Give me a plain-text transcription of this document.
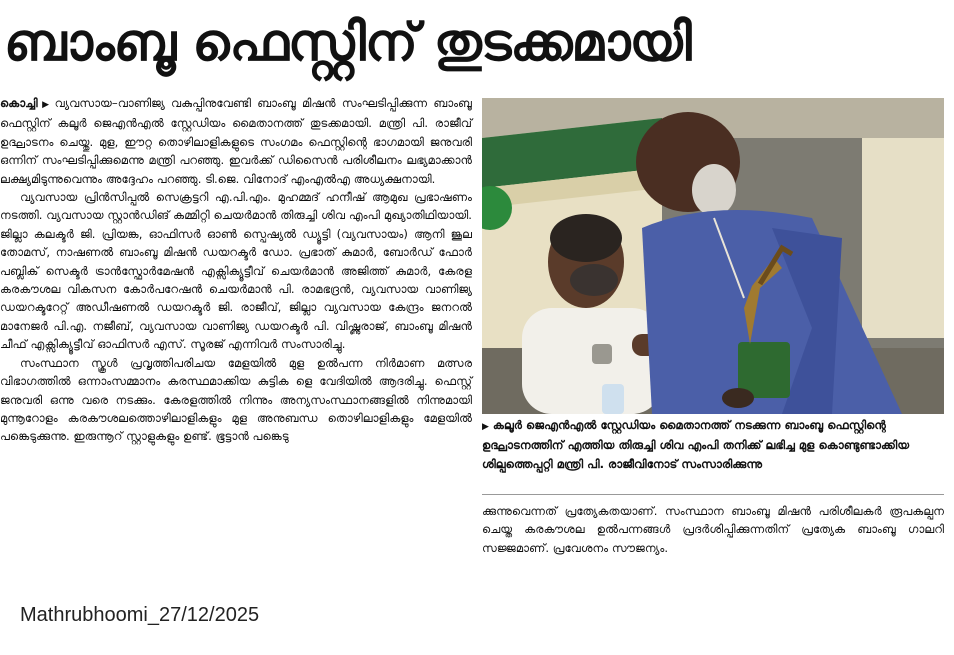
ബാംബൂ ഫെസ്റ്റിന് തുടക്കമായി

കൊച്ചി ▶ വ്യവസായ–വാണിജ്യ വകുപ്പിനുവേണ്ടി ബാംബൂ മിഷൻ സംഘടിപ്പിക്കുന്ന ബാംബൂ ഫെസ്റ്റിന് കലൂർ ജെഎൻഎൽ സ്റ്റേഡിയം മൈതാനത്ത് തുടക്കമായി. മന്ത്രി പി. രാജീവ് ഉദ്ഘാടനം ചെയ്തു. മുള, ഈറ്റ തൊഴിലാളികളുടെ സംഗമം ഫെസ്റ്റിന്റെ ഭാഗമായി ജനുവരി ഒന്നിന് സംഘടിപ്പിക്കുമെന്നു മന്ത്രി പറഞ്ഞു. ഇവർക്ക് ഡിസൈൻ പരിശീലനം ലഭ്യമാക്കാൻ ലക്ഷ്യമിടുന്നുവെന്നും അദ്ദേഹം പറഞ്ഞു. ടി.ജെ. വിനോദ് എംഎൽഎ അധ്യക്ഷനായി.

വ്യവസായ പ്രിൻസിപ്പൽ സെക്രട്ടറി എ.പി.എം. മുഹമ്മദ് ഹനീഷ് ആമുഖ പ്രഭാഷണം നടത്തി. വ്യവസായ സ്റ്റാൻഡിങ് കമ്മിറ്റി ചെയർമാൻ തിരുച്ചി ശിവ എംപി മുഖ്യാതിഥിയായി. ജില്ലാ കലക്ടർ ജി. പ്രിയങ്ക, ഓഫിസർ ഓൺ സ്പെഷ്യൽ ഡ്യൂട്ടി (വ്യവസായം) ആനി ജൂല തോമസ്, നാഷണൽ ബാംബൂ മിഷൻ ഡയറക്ടർ ഡോ. പ്രഭാത് കുമാർ, ബോർഡ് ഫോർ പബ്ലിക് സെക്ടർ ട്രാൻസ്ഫോർമേഷൻ എക്സിക്യൂട്ടീവ് ചെയർമാൻ അജിത്ത് കുമാർ, കേരള കരകൗശല വികസന കോർപറേഷൻ ചെയർമാൻ പി. രാമഭദ്രൻ, വ്യവസായ വാണിജ്യ ഡയറക്ടറേറ്റ് അഡീഷണൽ ഡയറക്ടർ ജി. രാജീവ്, ജില്ലാ വ്യവസായ കേന്ദ്രം ജനറൽ മാനേജർ പി.എ. നജീബ്, വ്യവസായ വാണിജ്യ ഡയറക്ടർ പി. വിഷ്ണുരാജ്, ബാംബൂ മിഷൻ ചീഫ് എക്സിക്യൂട്ടീവ് ഓഫിസർ എസ്. സൂരജ് എന്നിവർ സംസാരിച്ചു.

സംസ്ഥാന സ്കൂൾ പ്രവൃത്തിപരിചയ മേളയിൽ മുള ഉൽപന്ന നിർമാണ മത്സര വിഭാഗത്തിൽ ഒന്നാംസമ്മാനം കരസ്ഥമാക്കിയ കുട്ടിക ളെ വേദിയിൽ ആദരിച്ചു. ഫെസ്റ്റ് ജനുവരി ഒന്നു വരെ നടക്കും. കേരളത്തിൽ നിന്നും അന്യസംസ്ഥാനങ്ങളിൽ നിന്നുമായി മുന്നൂറോളം കരകൗശലത്തൊഴിലാളികളും മുള അനുബന്ധ തൊഴിലാളികളും മേളയിൽ പങ്കെടുക്കുന്നു. ഇരുന്നൂറ് സ്റ്റാളുകളും ഉണ്ട്. ഭൂട്ടാൻ പങ്കെടു

▶ കലൂർ ജെഎൻഎൽ സ്റ്റേഡിയം മൈതാനത്ത് നടക്കുന്ന ബാംബൂ ഫെസ്റ്റിന്റെ ഉദ്ഘാടനത്തിന് എത്തിയ തിരുച്ചി ശിവ എംപി തനിക്ക് ലഭിച്ച മുള കൊണ്ടുണ്ടാക്കിയ ശില്പത്തെപ്പറ്റി മന്ത്രി പി. രാജീവിനോട് സംസാരിക്കുന്നു
ക്കുന്നുവെന്നത് പ്രത്യേകതയാണ്. സംസ്ഥാന ബാംബൂ മിഷൻ പരിശീലകർ രൂപകല്പന ചെയ്ത കരകൗശല ഉൽപന്നങ്ങൾ പ്രദർശിപ്പിക്കുന്നതിന് പ്രത്യേക ബാംബൂ ഗാലറി സജ്ജമാണ്. പ്രവേശനം സൗജന്യം.
Mathrubhoomi_27/12/2025
